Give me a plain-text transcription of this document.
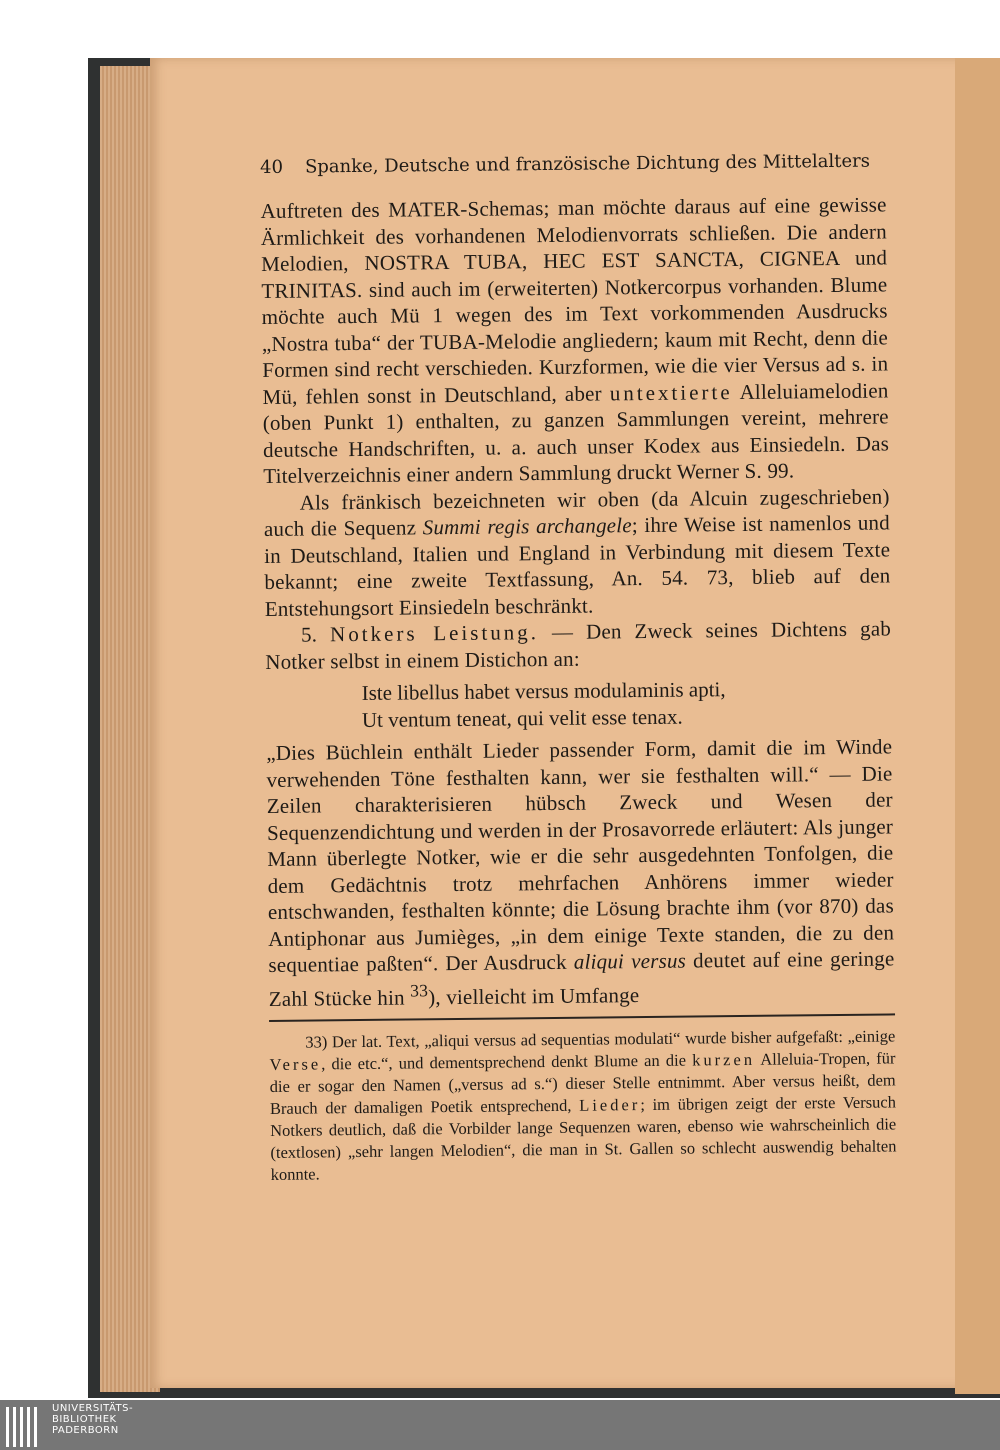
40 Spanke, Deutsche und französische Dichtung des Mittelalters

Auftreten des MATER-Schemas; man möchte daraus auf eine gewisse Ärmlichkeit des vorhandenen Melodienvorrats schließen. Die andern Melodien, NOSTRA TUBA, HEC EST SANCTA, CIGNEA und TRINITAS. sind auch im (erweiterten) Notkercorpus vorhanden. Blume möchte auch Mü 1 wegen des im Text vorkommenden Ausdrucks „Nostra tuba“ der TUBA-Melodie angliedern; kaum mit Recht, denn die Formen sind recht verschieden. Kurzformen, wie die vier Versus ad s. in Mü, fehlen sonst in Deutschland, aber untextierte Alleluiamelodien (oben Punkt 1) enthalten, zu ganzen Sammlungen vereint, mehrere deutsche Handschriften, u. a. auch unser Kodex aus Einsiedeln. Das Titelverzeichnis einer andern Sammlung druckt Werner S. 99.

Als fränkisch bezeichneten wir oben (da Alcuin zugeschrieben) auch die Sequenz Summi regis archangele; ihre Weise ist namenlos und in Deutschland, Italien und England in Verbindung mit diesem Texte bekannt; eine zweite Textfassung, An. 54. 73, blieb auf den Entstehungsort Einsiedeln beschränkt.

5. Notkers Leistung. — Den Zweck seines Dichtens gab Notker selbst in einem Distichon an:

Iste libellus habet versus modulaminis apti,
Ut ventum teneat, qui velit esse tenax.

„Dies Büchlein enthält Lieder passender Form, damit die im Winde verwehenden Töne festhalten kann, wer sie festhalten will.“ — Die Zeilen charakterisieren hübsch Zweck und Wesen der Sequenzendichtung und werden in der Prosavorrede erläutert: Als junger Mann überlegte Notker, wie er die sehr ausgedehnten Tonfolgen, die dem Gedächtnis trotz mehrfachen Anhörens immer wieder entschwanden, festhalten könnte; die Lösung brachte ihm (vor 870) das Antiphonar aus Jumièges, „in dem einige Texte standen, die zu den sequentiae paßten“. Der Ausdruck aliqui versus deutet auf eine geringe Zahl Stücke hin $^{33}$), vielleicht im Umfange

33) Der lat. Text, „aliqui versus ad sequentias modulati“ wurde bisher aufgefaßt: „einige Verse, die etc.“, und dementsprechend denkt Blume an die kurzen Alleluia-Tropen, für die er sogar den Namen („versus ad s.“) dieser Stelle entnimmt. Aber versus heißt, dem Brauch der damaligen Poetik entsprechend, Lieder; im übrigen zeigt der erste Versuch Notkers deutlich, daß die Vorbilder lange Sequenzen waren, ebenso wie wahrscheinlich die (textlosen) „sehr langen Melodien“, die man in St. Gallen so schlecht auswendig behalten konnte.
UNIVERSITÄTS-
BIBLIOTHEK
PADERBORN
